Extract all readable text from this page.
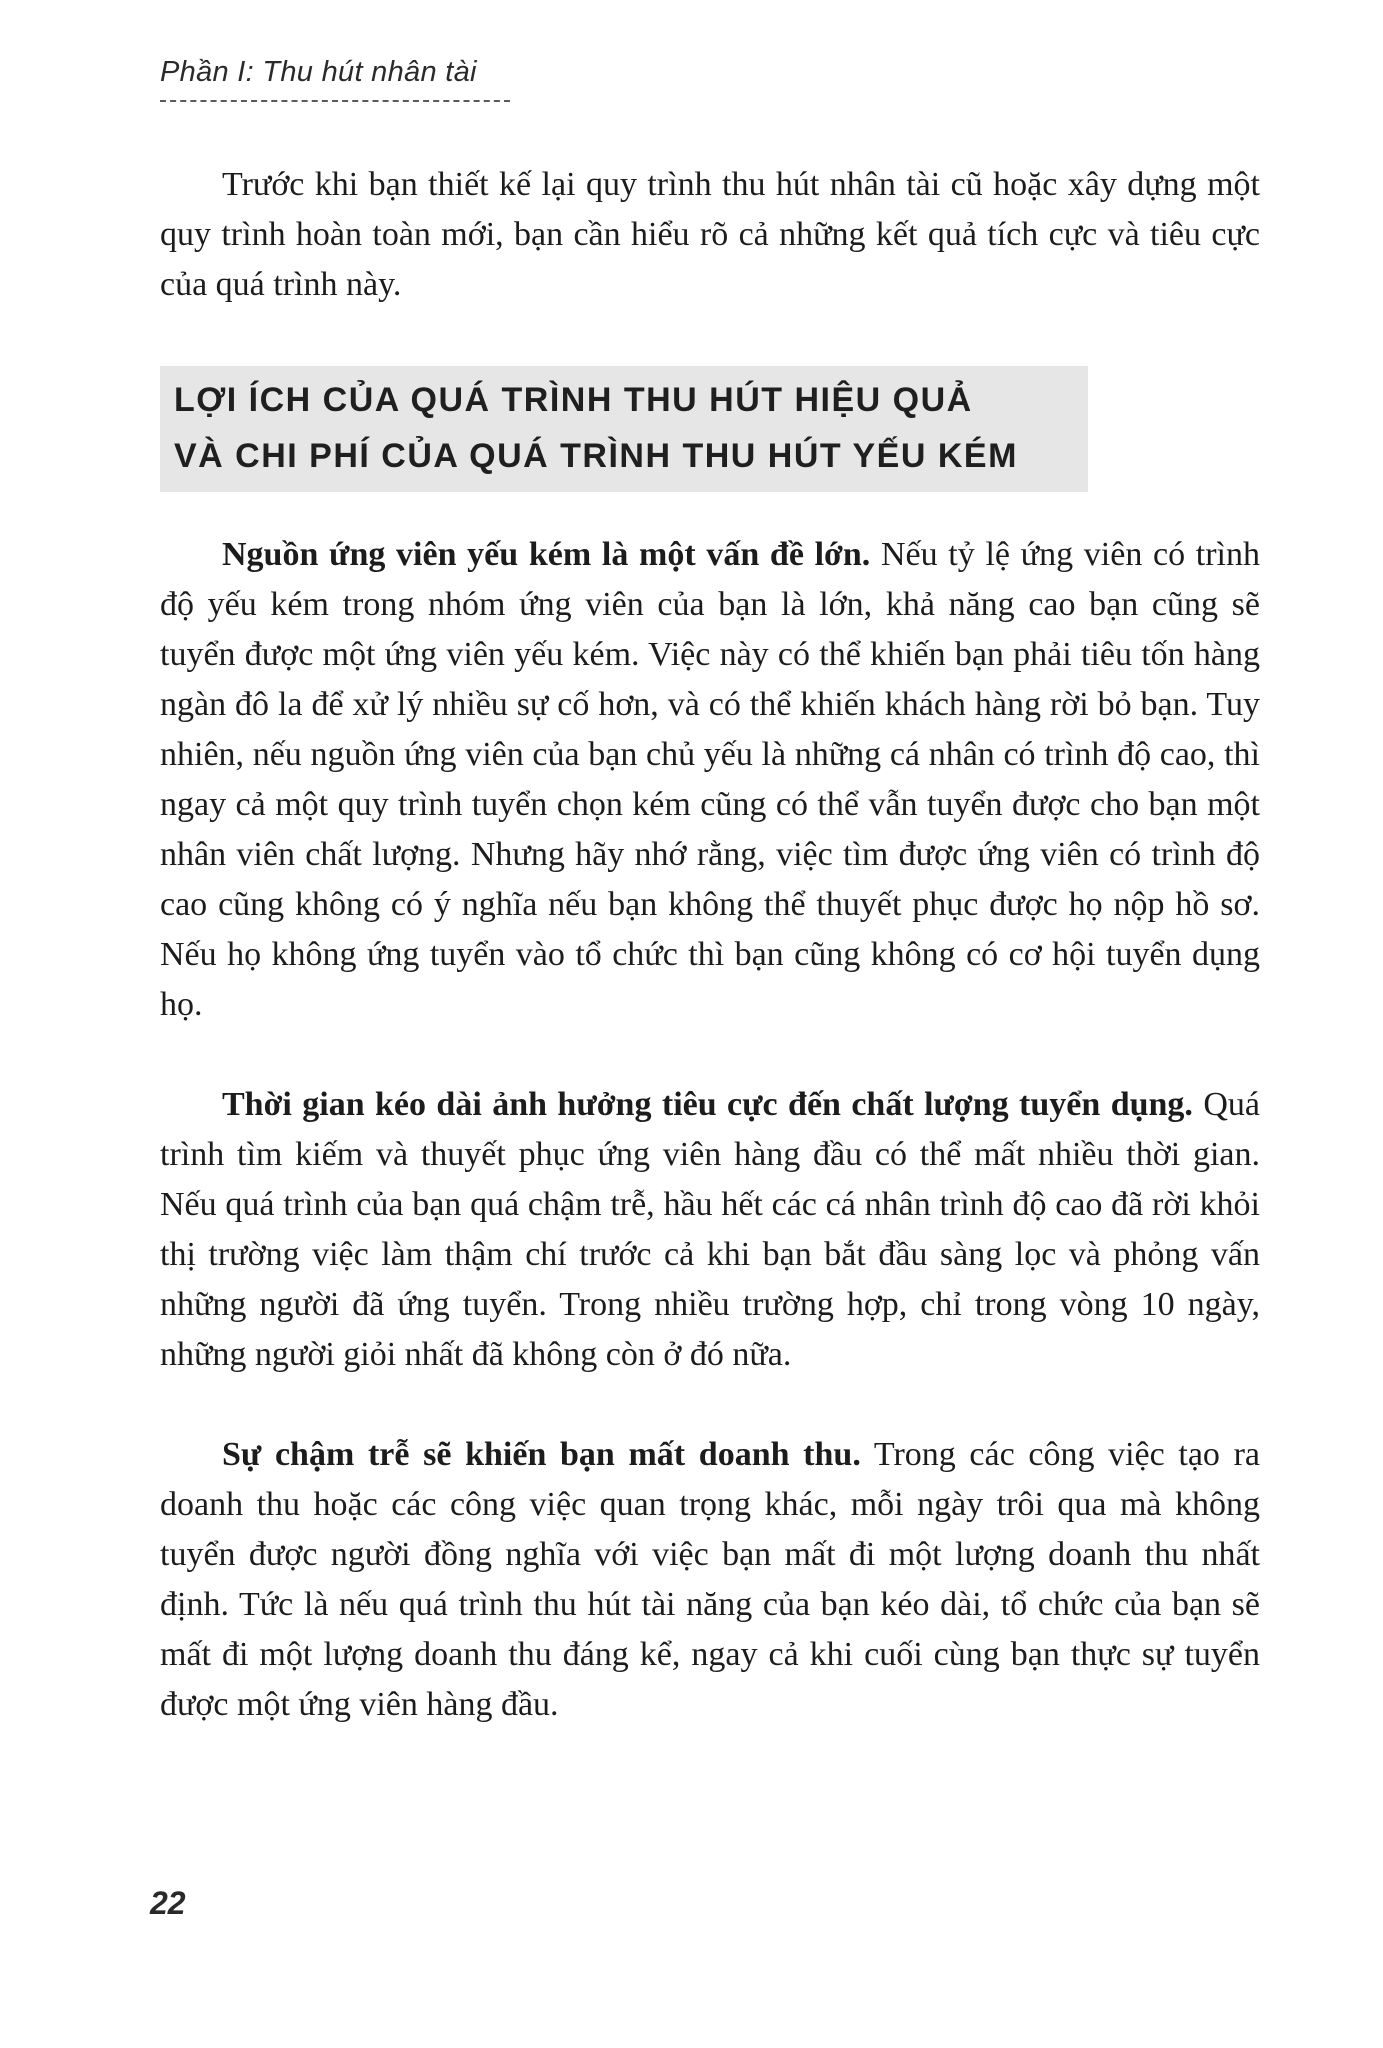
Phần I: Thu hút nhân tài

Trước khi bạn thiết kế lại quy trình thu hút nhân tài cũ hoặc xây dựng một quy trình hoàn toàn mới, bạn cần hiểu rõ cả những kết quả tích cực và tiêu cực của quá trình này.

LỢI ÍCH CỦA QUÁ TRÌNH THU HÚT HIỆU QUẢ
VÀ CHI PHÍ CỦA QUÁ TRÌNH THU HÚT YẾU KÉM

Nguồn ứng viên yếu kém là một vấn đề lớn. Nếu tỷ lệ ứng viên có trình độ yếu kém trong nhóm ứng viên của bạn là lớn, khả năng cao bạn cũng sẽ tuyển được một ứng viên yếu kém. Việc này có thể khiến bạn phải tiêu tốn hàng ngàn đô la để xử lý nhiều sự cố hơn, và có thể khiến khách hàng rời bỏ bạn. Tuy nhiên, nếu nguồn ứng viên của bạn chủ yếu là những cá nhân có trình độ cao, thì ngay cả một quy trình tuyển chọn kém cũng có thể vẫn tuyển được cho bạn một nhân viên chất lượng. Nhưng hãy nhớ rằng, việc tìm được ứng viên có trình độ cao cũng không có ý nghĩa nếu bạn không thể thuyết phục được họ nộp hồ sơ. Nếu họ không ứng tuyển vào tổ chức thì bạn cũng không có cơ hội tuyển dụng họ.

Thời gian kéo dài ảnh hưởng tiêu cực đến chất lượng tuyển dụng. Quá trình tìm kiếm và thuyết phục ứng viên hàng đầu có thể mất nhiều thời gian. Nếu quá trình của bạn quá chậm trễ, hầu hết các cá nhân trình độ cao đã rời khỏi thị trường việc làm thậm chí trước cả khi bạn bắt đầu sàng lọc và phỏng vấn những người đã ứng tuyển. Trong nhiều trường hợp, chỉ trong vòng 10 ngày, những người giỏi nhất đã không còn ở đó nữa.

Sự chậm trễ sẽ khiến bạn mất doanh thu. Trong các công việc tạo ra doanh thu hoặc các công việc quan trọng khác, mỗi ngày trôi qua mà không tuyển được người đồng nghĩa với việc bạn mất đi một lượng doanh thu nhất định. Tức là nếu quá trình thu hút tài năng của bạn kéo dài, tổ chức của bạn sẽ mất đi một lượng doanh thu đáng kể, ngay cả khi cuối cùng bạn thực sự tuyển được một ứng viên hàng đầu.

22
